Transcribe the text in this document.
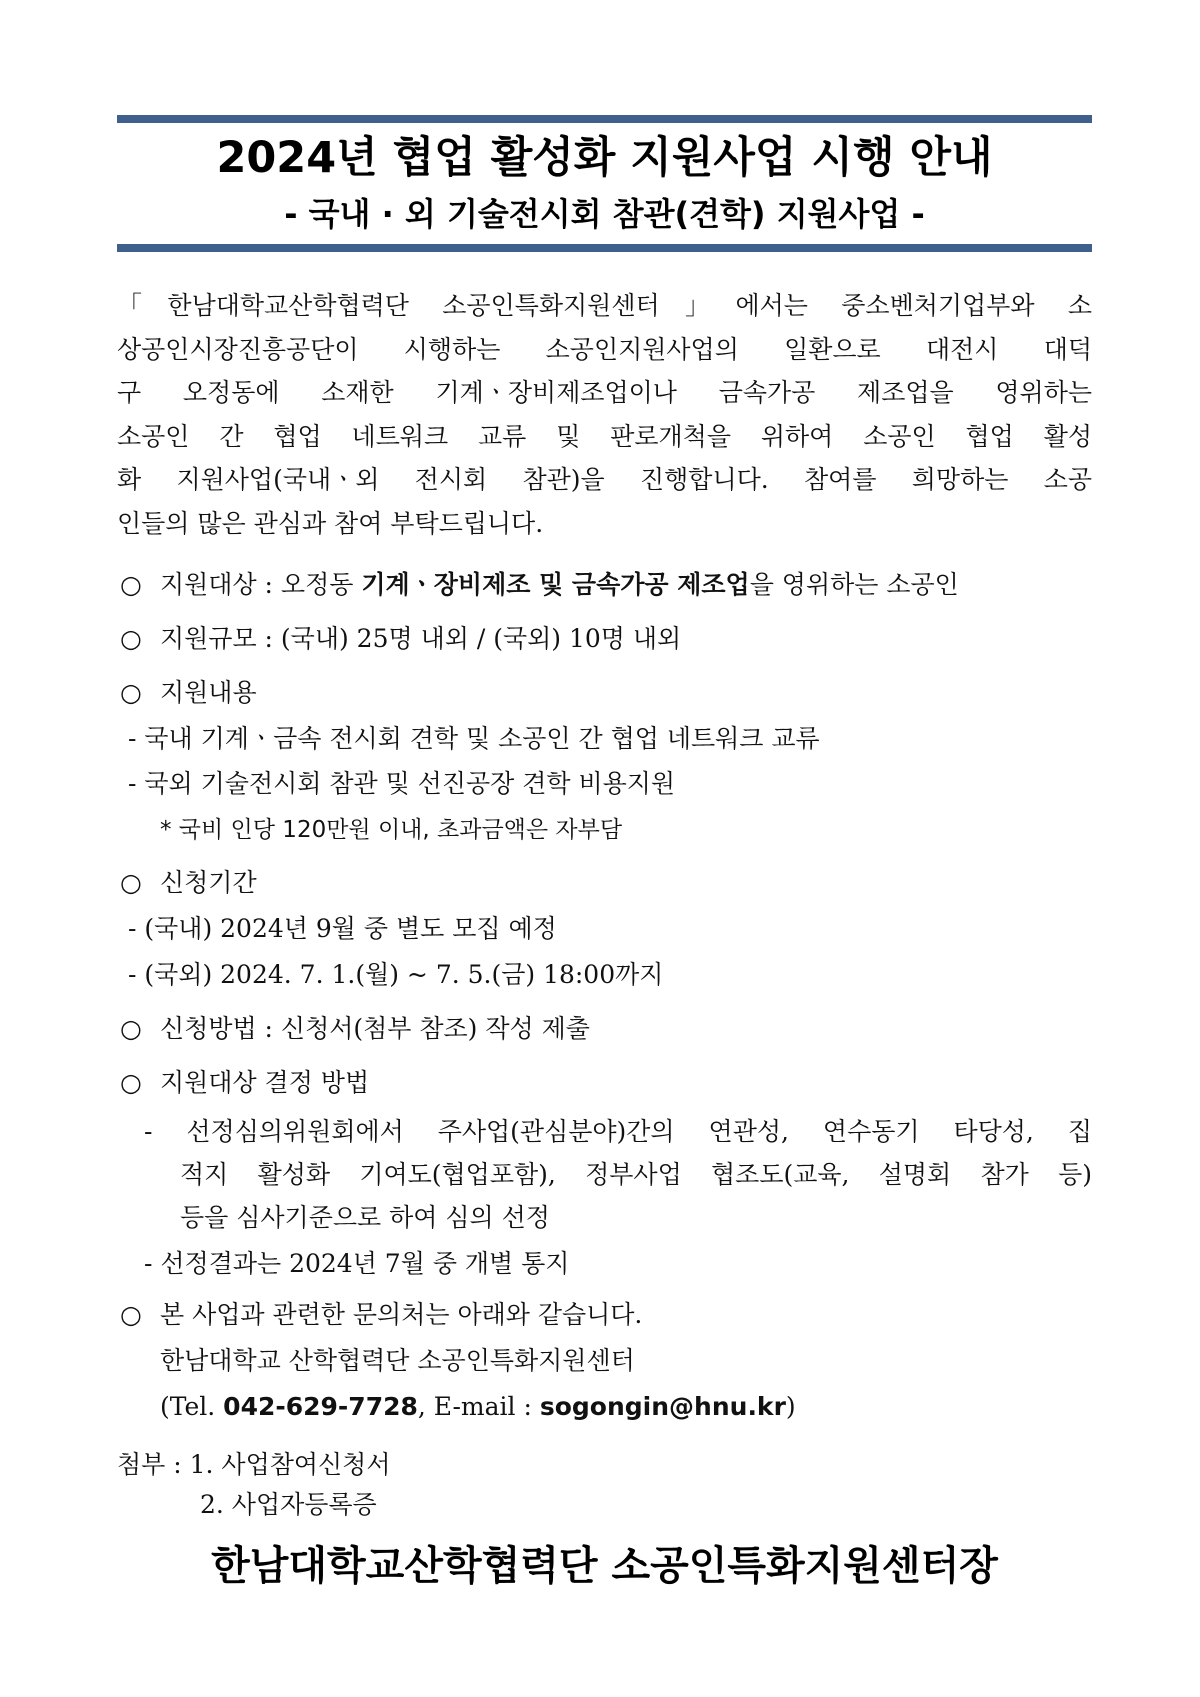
2024년 협업 활성화 지원사업 시행 안내
- 국내 · 외 기술전시회 참관(견학) 지원사업 -
「한남대학교산학협력단 소공인특화지원센터」에서는 중소벤처기업부와 소
상공인시장진흥공단이 시행하는 소공인지원사업의 일환으로 대전시 대덕
구 오정동에 소재한 기계ㆍ장비제조업이나 금속가공 제조업을 영위하는
소공인 간 협업 네트워크 교류 및 판로개척을 위하여 소공인 협업 활성
화 지원사업(국내ㆍ외 전시회 참관)을 진행합니다. 참여를 희망하는 소공
인들의 많은 관심과 참여 부탁드립니다.
○ 지원대상 : 오정동 기계ㆍ장비제조 및 금속가공 제조업을 영위하는 소공인
○ 지원규모 : (국내) 25명 내외 / (국외) 10명 내외
○ 지원내용
- 국내 기계ㆍ금속 전시회 견학 및 소공인 간 협업 네트워크 교류
- 국외 기술전시회 참관 및 선진공장 견학 비용지원
* 국비 인당 120만원 이내, 초과금액은 자부담
○ 신청기간
- (국내) 2024년 9월 중 별도 모집 예정
- (국외) 2024. 7. 1.(월) ~ 7. 5.(금) 18:00까지
○ 신청방법 : 신청서(첨부 참조) 작성 제출
○ 지원대상 결정 방법
- 선정심의위원회에서 주사업(관심분야)간의 연관성, 연수동기 타당성, 집
적지 활성화 기여도(협업포함), 정부사업 협조도(교육, 설명회 참가 등)
등을 심사기준으로 하여 심의 선정
- 선정결과는 2024년 7월 중 개별 통지
○ 본 사업과 관련한 문의처는 아래와 같습니다.
한남대학교 산학협력단 소공인특화지원센터
(Tel. 042-629-7728, E-mail : sogongin@hnu.kr)
첨부 : 1. 사업참여신청서
2. 사업자등록증
한남대학교산학협력단 소공인특화지원센터장
